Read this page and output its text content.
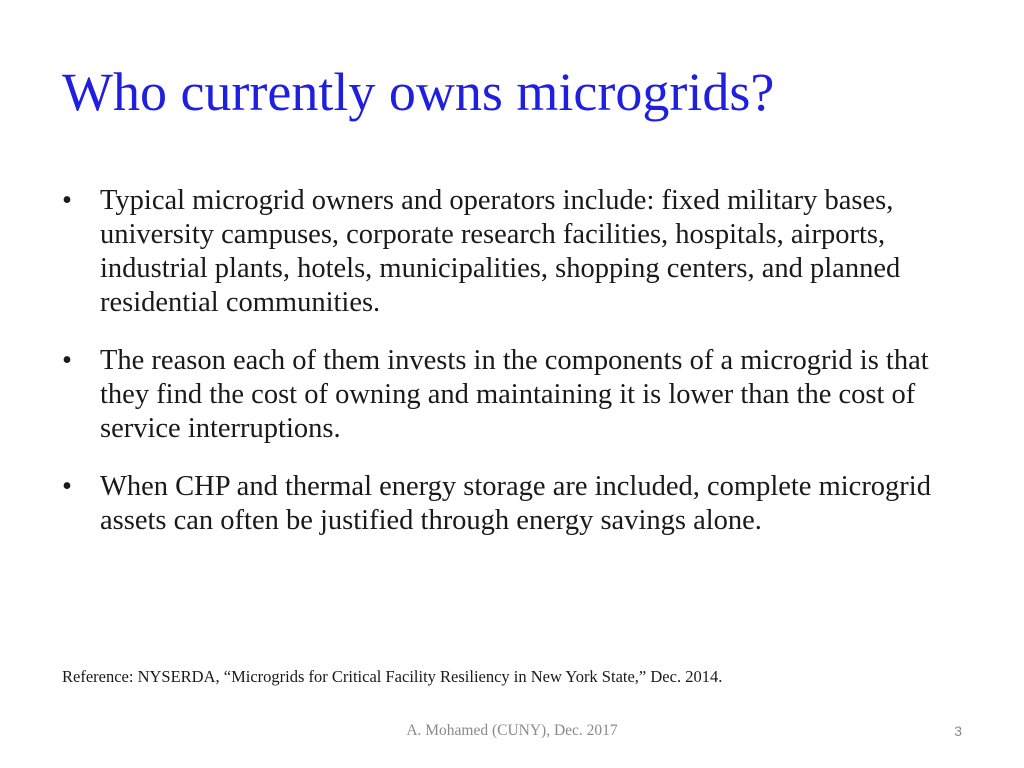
Who currently owns microgrids?
• Typical microgrid owners and operators include: fixed military bases, university campuses, corporate research facilities, hospitals, airports, industrial plants, hotels, municipalities, shopping centers, and planned residential communities.
• The reason each of them invests in the components of a microgrid is that they find the cost of owning and maintaining it is lower than the cost of service interruptions.
• When CHP and thermal energy storage are included, complete microgrid assets can often be justified through energy savings alone.
Reference: NYSERDA, “Microgrids for Critical Facility Resiliency in New York State,” Dec. 2014.
A. Mohamed (CUNY), Dec. 2017	3
